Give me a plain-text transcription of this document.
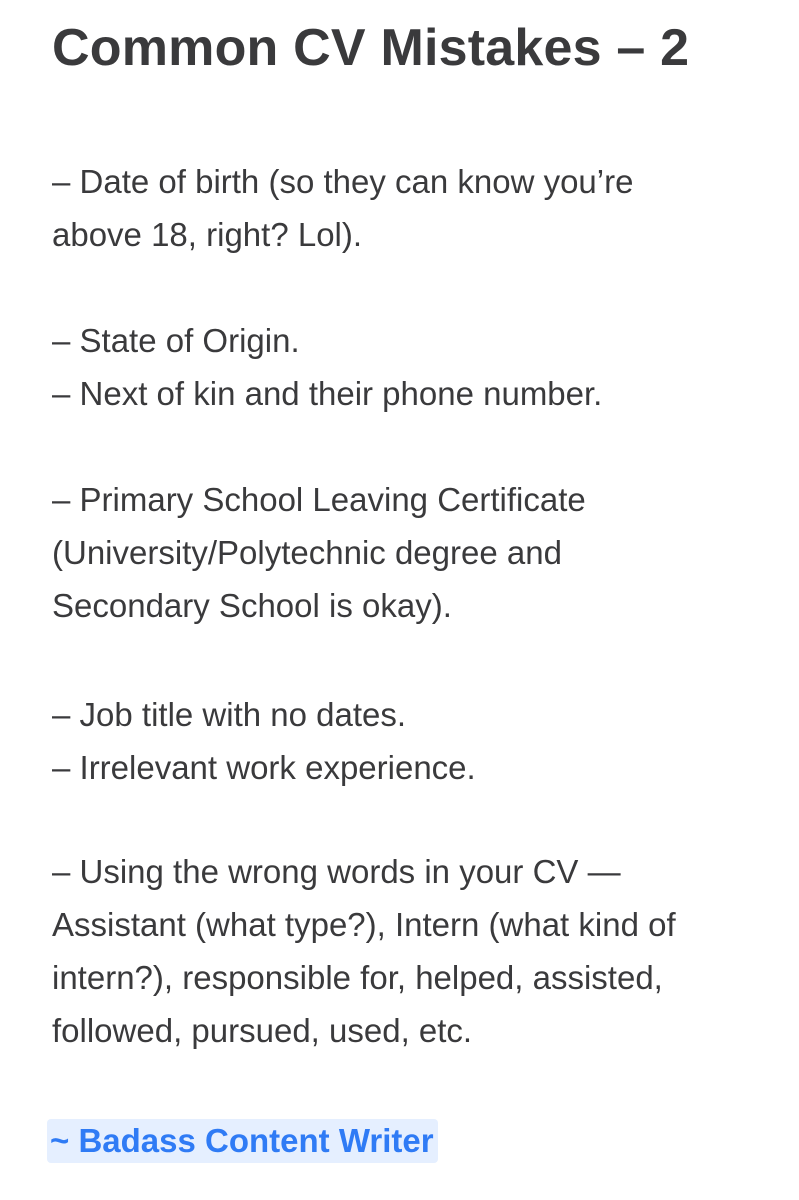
Common CV Mistakes – 2

– Date of birth (so they can know you’re

above 18, right? Lol).

– State of Origin.

– Next of kin and their phone number.

– Primary School Leaving Certificate

(University/Polytechnic degree and

Secondary School is okay).

– Job title with no dates.

– Irrelevant work experience.

– Using the wrong words in your CV —

Assistant (what type?), Intern (what kind of

intern?), responsible for, helped, assisted,

followed, pursued, used, etc.

~ Badass Content Writer
